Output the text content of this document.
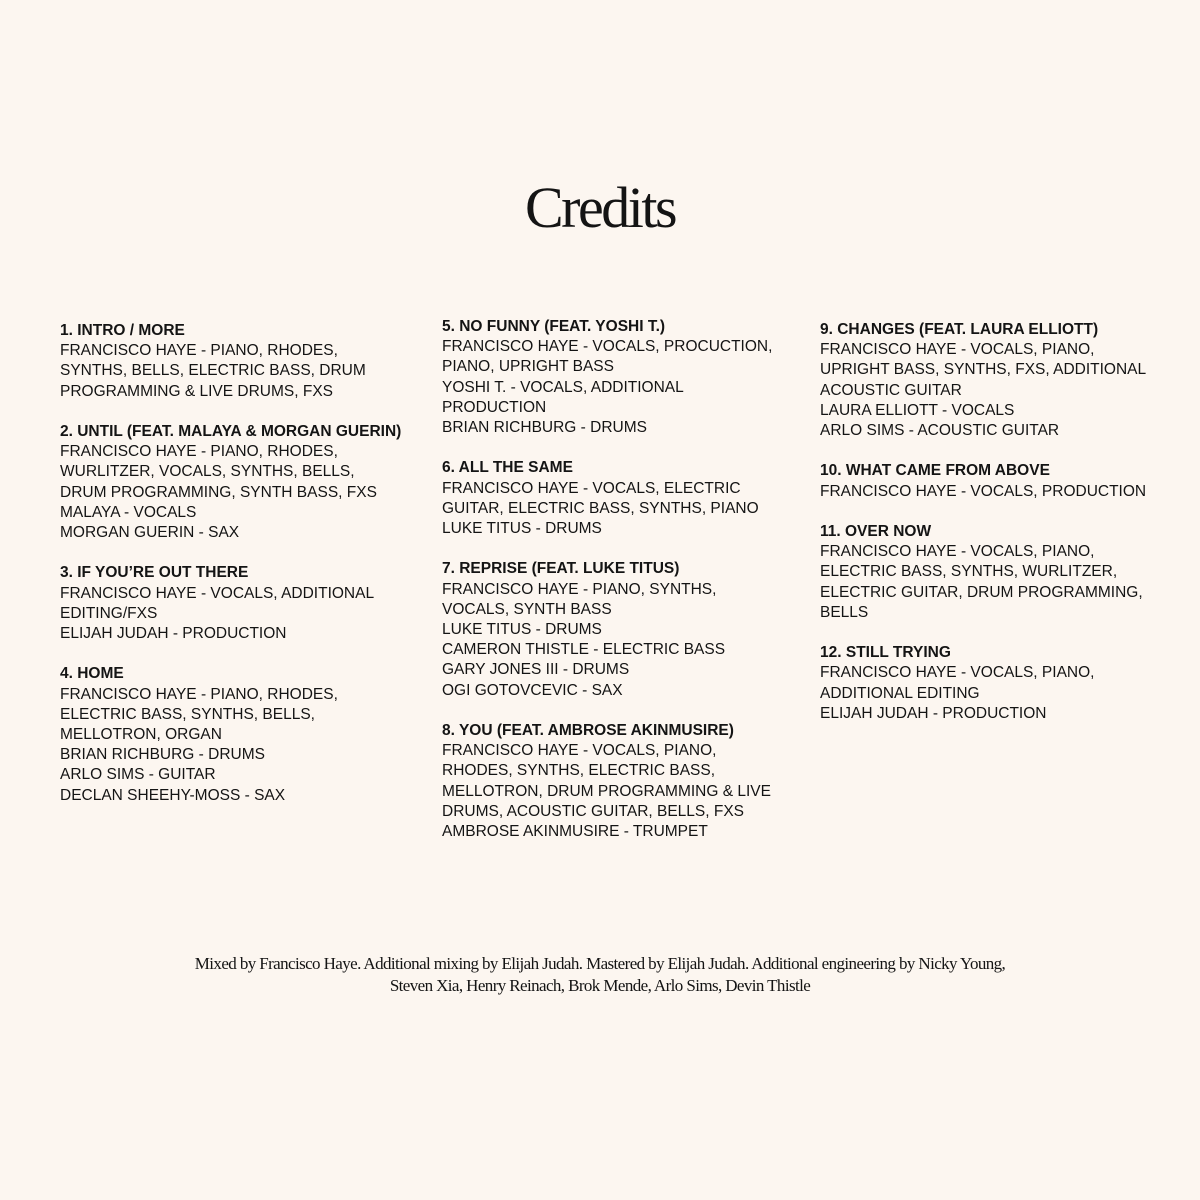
Credits
1. INTRO / MORE
FRANCISCO HAYE - PIANO, RHODES,
SYNTHS, BELLS, ELECTRIC BASS, DRUM
PROGRAMMING & LIVE DRUMS, FXS
2. UNTIL (FEAT. MALAYA & MORGAN GUERIN)
FRANCISCO HAYE - PIANO, RHODES,
WURLITZER, VOCALS, SYNTHS, BELLS,
DRUM PROGRAMMING, SYNTH BASS, FXS
MALAYA - VOCALS
MORGAN GUERIN - SAX
3. IF YOU’RE OUT THERE
FRANCISCO HAYE - VOCALS, ADDITIONAL
EDITING/FXS
ELIJAH JUDAH - PRODUCTION
4. HOME
FRANCISCO HAYE - PIANO, RHODES,
ELECTRIC BASS, SYNTHS, BELLS,
MELLOTRON, ORGAN
BRIAN RICHBURG - DRUMS
ARLO SIMS - GUITAR
DECLAN SHEEHY-MOSS - SAX
5. NO FUNNY (FEAT. YOSHI T.)
FRANCISCO HAYE - VOCALS, PROCUCTION,
PIANO, UPRIGHT BASS
YOSHI T. - VOCALS, ADDITIONAL
PRODUCTION
BRIAN RICHBURG - DRUMS
6. ALL THE SAME
FRANCISCO HAYE - VOCALS, ELECTRIC
GUITAR, ELECTRIC BASS, SYNTHS, PIANO
LUKE TITUS - DRUMS
7. REPRISE (FEAT. LUKE TITUS)
FRANCISCO HAYE - PIANO, SYNTHS,
VOCALS, SYNTH BASS
LUKE TITUS - DRUMS
CAMERON THISTLE - ELECTRIC BASS
GARY JONES III - DRUMS
OGI GOTOVCEVIC - SAX
8. YOU (FEAT. AMBROSE AKINMUSIRE)
FRANCISCO HAYE - VOCALS, PIANO,
RHODES, SYNTHS, ELECTRIC BASS,
MELLOTRON, DRUM PROGRAMMING & LIVE
DRUMS, ACOUSTIC GUITAR, BELLS, FXS
AMBROSE AKINMUSIRE - TRUMPET
9. CHANGES (FEAT. LAURA ELLIOTT)
FRANCISCO HAYE - VOCALS, PIANO,
UPRIGHT BASS, SYNTHS, FXS, ADDITIONAL
ACOUSTIC GUITAR
LAURA ELLIOTT - VOCALS
ARLO SIMS - ACOUSTIC GUITAR
10. WHAT CAME FROM ABOVE
FRANCISCO HAYE - VOCALS, PRODUCTION
11. OVER NOW
FRANCISCO HAYE - VOCALS, PIANO,
ELECTRIC BASS, SYNTHS, WURLITZER,
ELECTRIC GUITAR, DRUM PROGRAMMING,
BELLS
12. STILL TRYING
FRANCISCO HAYE - VOCALS, PIANO,
ADDITIONAL EDITING
ELIJAH JUDAH - PRODUCTION
Mixed by Francisco Haye. Additional mixing by Elijah Judah. Mastered by Elijah Judah. Additional engineering by Nicky Young,
Steven Xia, Henry Reinach, Brok Mende, Arlo Sims, Devin Thistle
